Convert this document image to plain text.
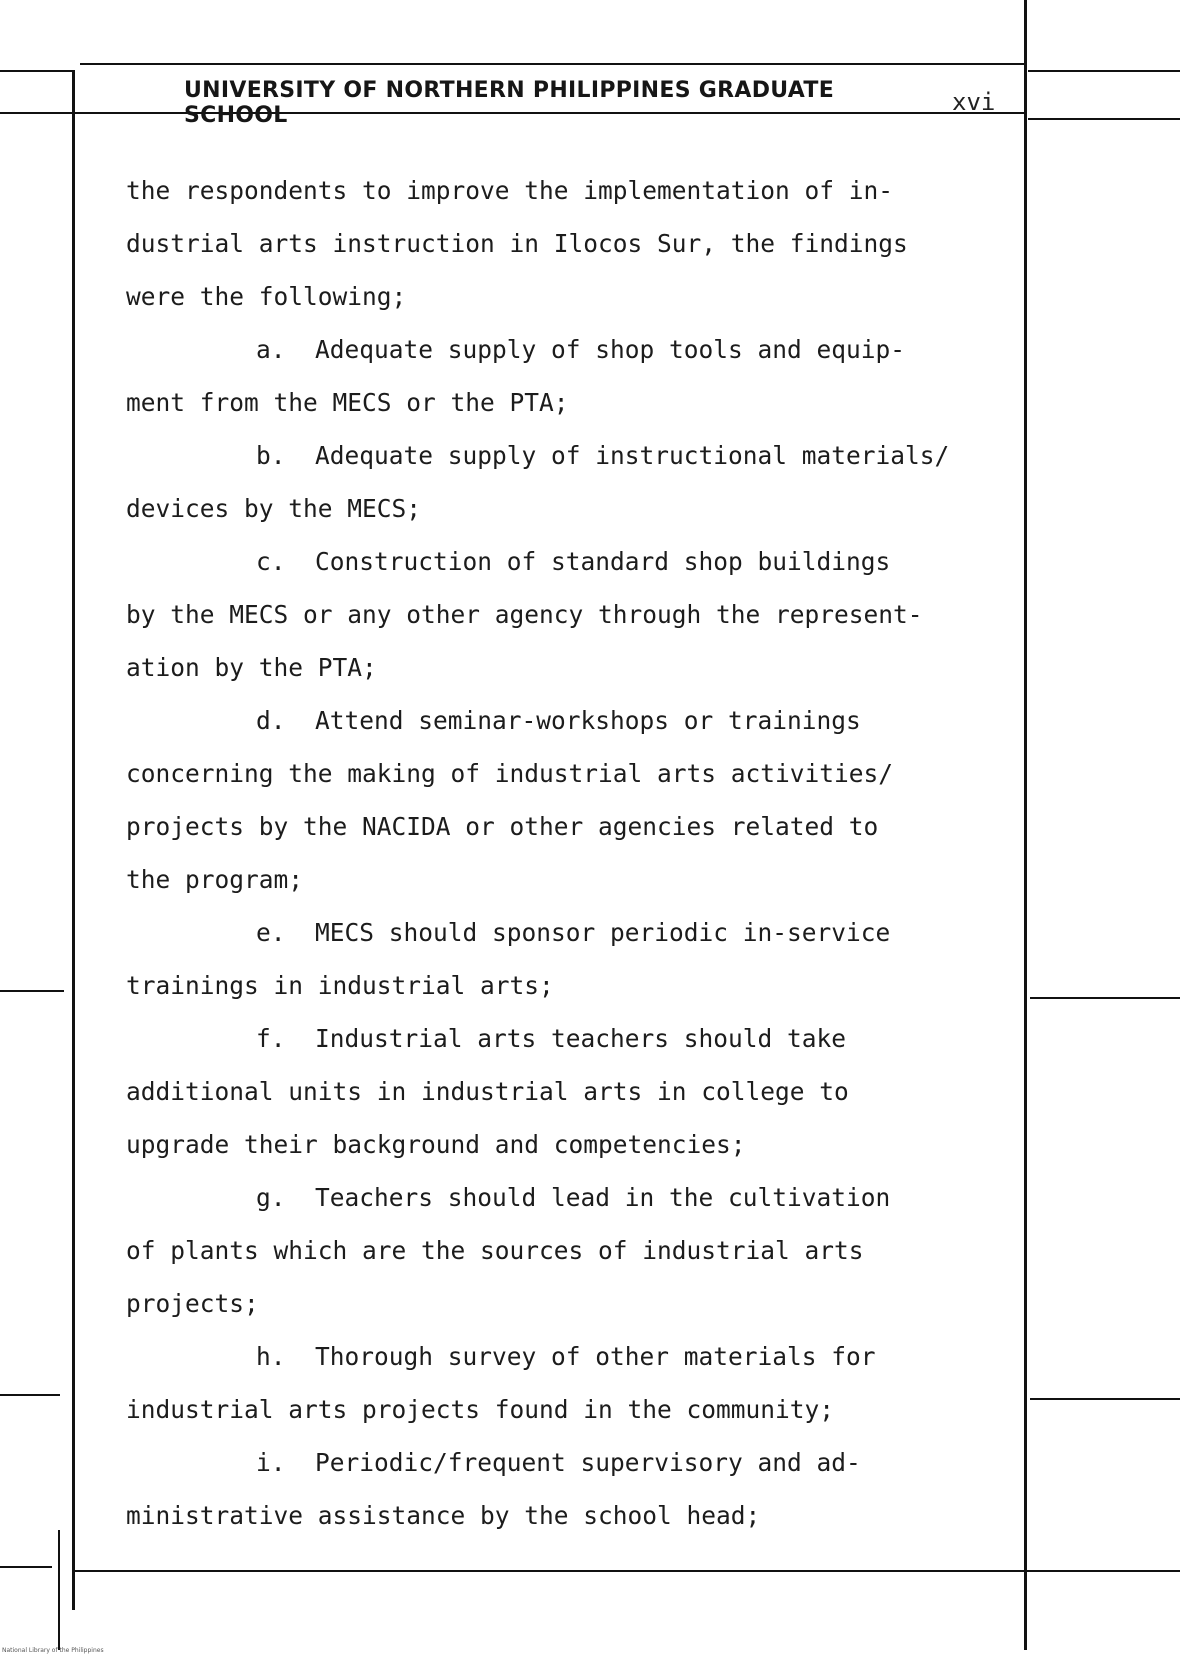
UNIVERSITY OF NORTHERN PHILIPPINES GRADUATE SCHOOL	xvi
the respondents to improve the implementation of in-
dustrial arts instruction in Ilocos Sur, the findings
were the following;
a.  Adequate supply of shop tools and equip-
ment from the MECS or the PTA;
b.  Adequate supply of instructional materials/
devices by the MECS;
c.  Construction of standard shop buildings
by the MECS or any other agency through the represent-
ation by the PTA;
d.  Attend seminar-workshops or trainings
concerning the making of industrial arts activities/
projects by the NACIDA or other agencies related to
the program;
e.  MECS should sponsor periodic in-service
trainings in industrial arts;
f.  Industrial arts teachers should take
additional units in industrial arts in college to
upgrade their background and competencies;
g.  Teachers should lead in the cultivation
of plants which are the sources of industrial arts
projects;
h.  Thorough survey of other materials for
industrial arts projects found in the community;
i.  Periodic/frequent supervisory and ad-
ministrative assistance by the school head;
National Library of the Philippines
